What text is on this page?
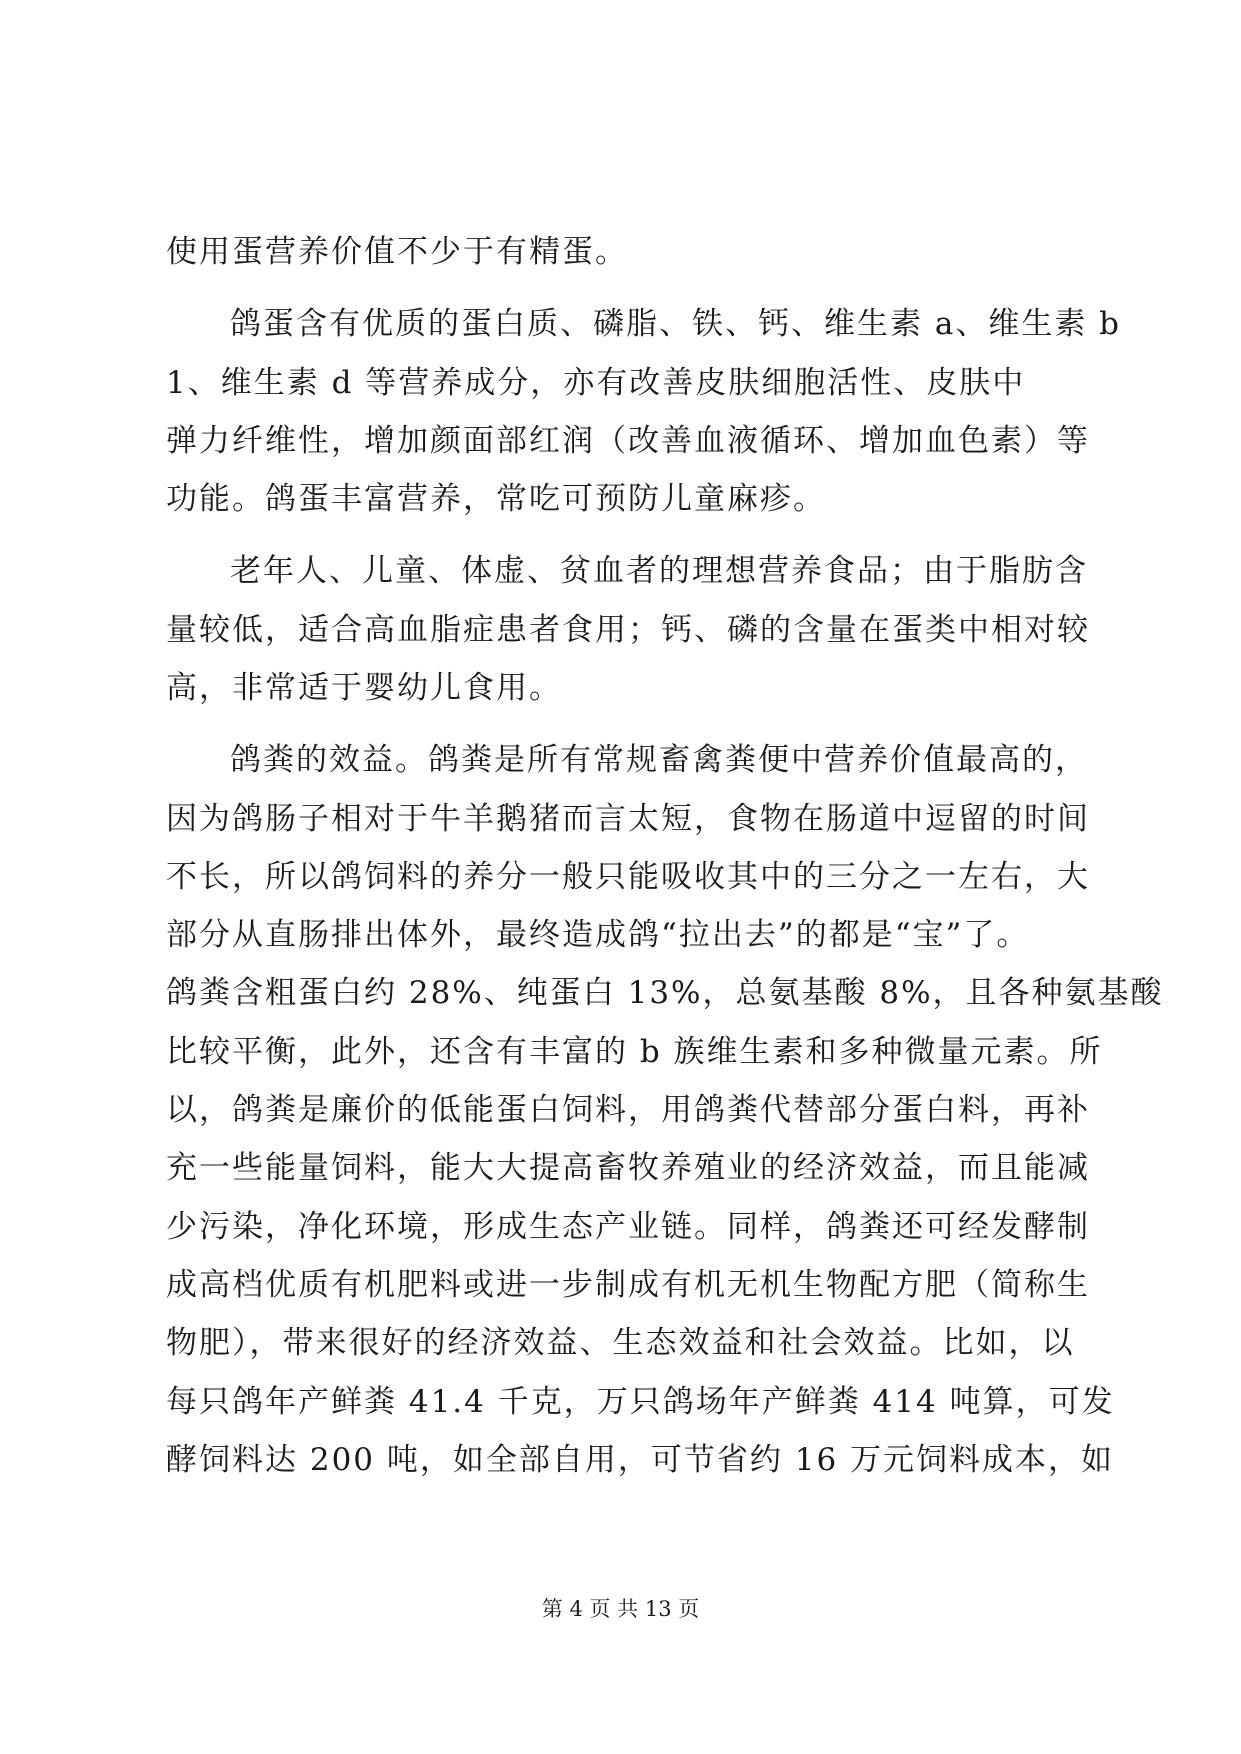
使用蛋营养价值不少于有精蛋。
鸽蛋含有优质的蛋白质、磷脂、铁、钙、维生素 a、维生素 b
1、维生素 d 等营养成分，亦有改善皮肤细胞活性、皮肤中
弹力纤维性，增加颜面部红润（改善血液循环、增加血色素）等
功能。鸽蛋丰富营养，常吃可预防儿童麻疹。
老年人、儿童、体虚、贫血者的理想营养食品；由于脂肪含
量较低，适合高血脂症患者食用；钙、磷的含量在蛋类中相对较
高，非常适于婴幼儿食用。
鸽粪的效益。鸽粪是所有常规畜禽粪便中营养价值最高的，
因为鸽肠子相对于牛羊鹅猪而言太短，食物在肠道中逗留的时间
不长，所以鸽饲料的养分一般只能吸收其中的三分之一左右，大
部分从直肠排出体外，最终造成鸽“拉出去”的都是“宝”了。
鸽粪含粗蛋白约 28%、纯蛋白 13%，总氨基酸 8%，且各种氨基酸
比较平衡，此外，还含有丰富的 b 族维生素和多种微量元素。所
以，鸽粪是廉价的低能蛋白饲料，用鸽粪代替部分蛋白料，再补
充一些能量饲料，能大大提高畜牧养殖业的经济效益，而且能减
少污染，净化环境，形成生态产业链。同样，鸽粪还可经发酵制
成高档优质有机肥料或进一步制成有机无机生物配方肥（简称生
物肥），带来很好的经济效益、生态效益和社会效益。比如，以
每只鸽年产鲜粪 41.4 千克，万只鸽场年产鲜粪 414 吨算，可发
酵饲料达 200 吨，如全部自用，可节省约 16 万元饲料成本，如
第 4 页 共 13 页
